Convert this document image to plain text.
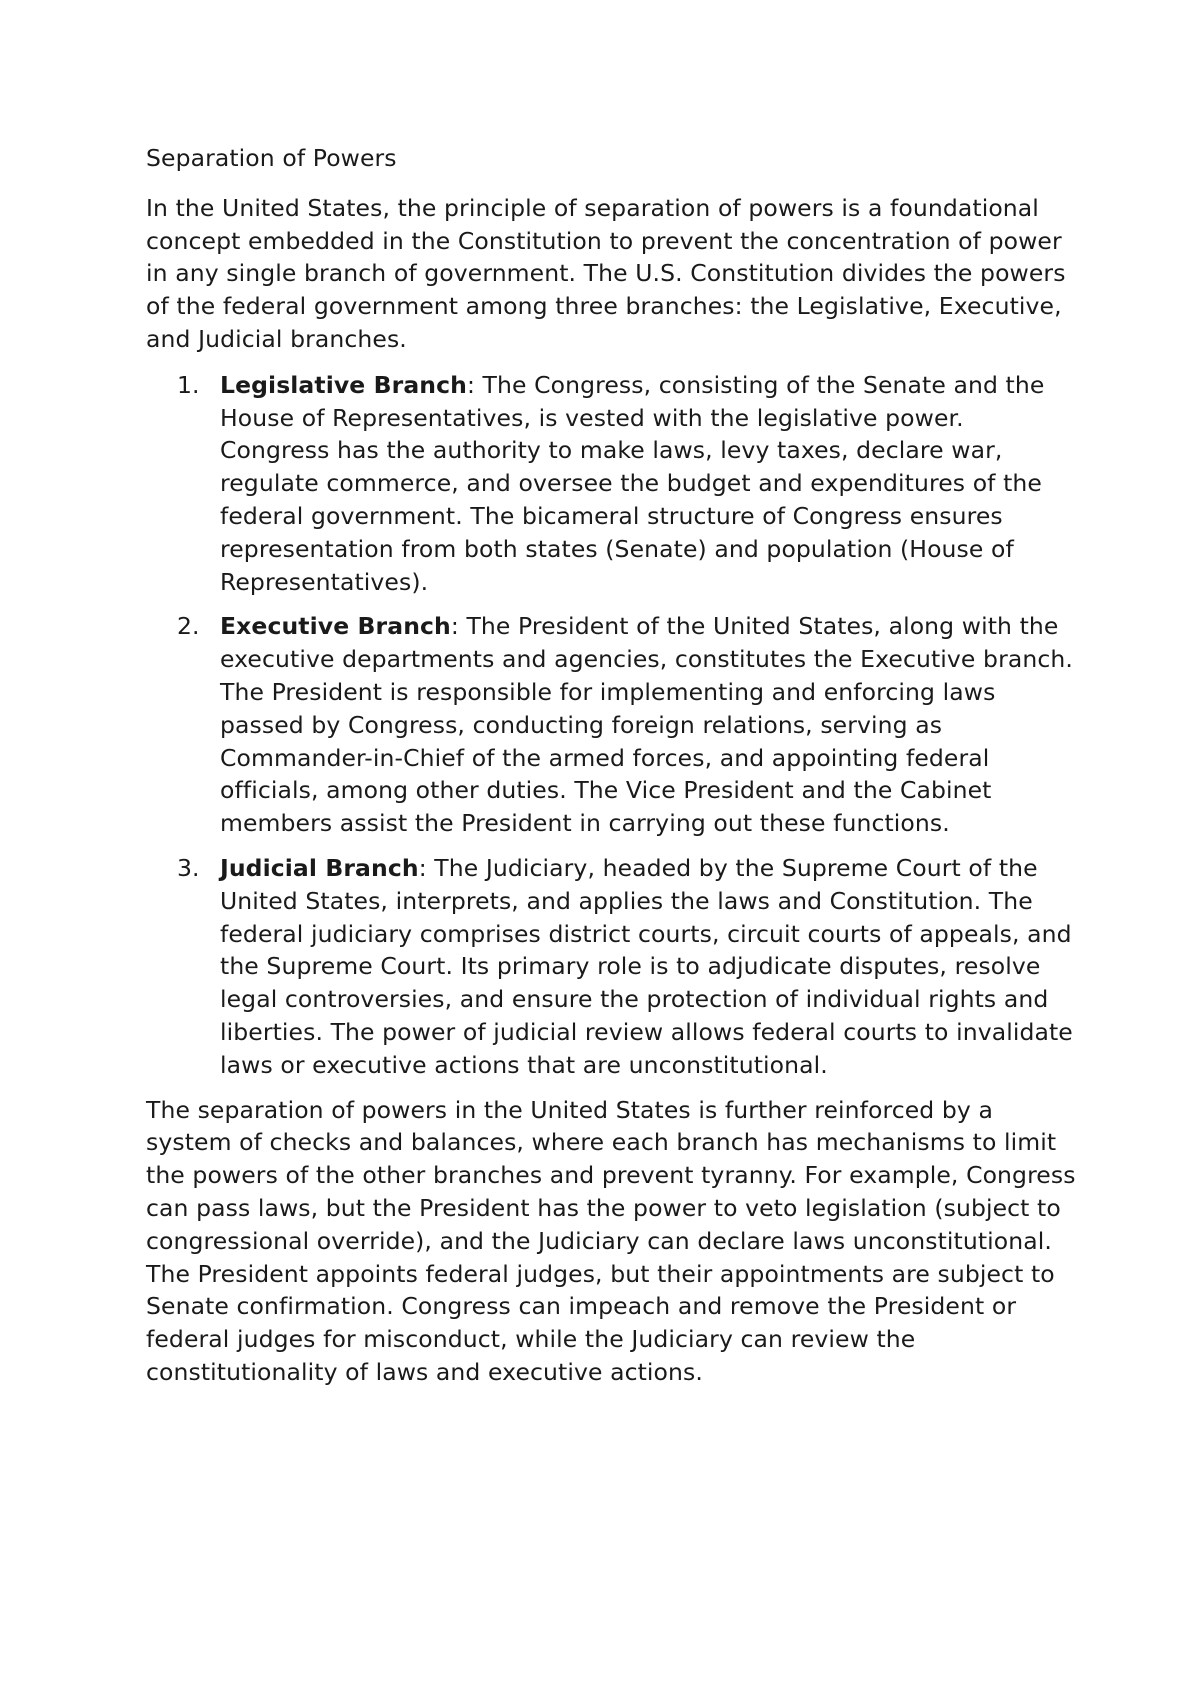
Separation of Powers

In the United States, the principle of separation of powers is a foundational concept embedded in the Constitution to prevent the concentration of power in any single branch of government. The U.S. Constitution divides the powers of the federal government among three branches: the Legislative, Executive, and Judicial branches.

1. Legislative Branch: The Congress, consisting of the Senate and the House of Representatives, is vested with the legislative power. Congress has the authority to make laws, levy taxes, declare war, regulate commerce, and oversee the budget and expenditures of the federal government. The bicameral structure of Congress ensures representation from both states (Senate) and population (House of Representatives).
2. Executive Branch: The President of the United States, along with the executive departments and agencies, constitutes the Executive branch. The President is responsible for implementing and enforcing laws passed by Congress, conducting foreign relations, serving as Commander-in-Chief of the armed forces, and appointing federal officials, among other duties. The Vice President and the Cabinet members assist the President in carrying out these functions.
3. Judicial Branch: The Judiciary, headed by the Supreme Court of the United States, interprets, and applies the laws and Constitution. The federal judiciary comprises district courts, circuit courts of appeals, and the Supreme Court. Its primary role is to adjudicate disputes, resolve legal controversies, and ensure the protection of individual rights and liberties. The power of judicial review allows federal courts to invalidate laws or executive actions that are unconstitutional.

The separation of powers in the United States is further reinforced by a system of checks and balances, where each branch has mechanisms to limit the powers of the other branches and prevent tyranny. For example, Congress can pass laws, but the President has the power to veto legislation (subject to congressional override), and the Judiciary can declare laws unconstitutional. The President appoints federal judges, but their appointments are subject to Senate confirmation. Congress can impeach and remove the President or federal judges for misconduct, while the Judiciary can review the constitutionality of laws and executive actions.
